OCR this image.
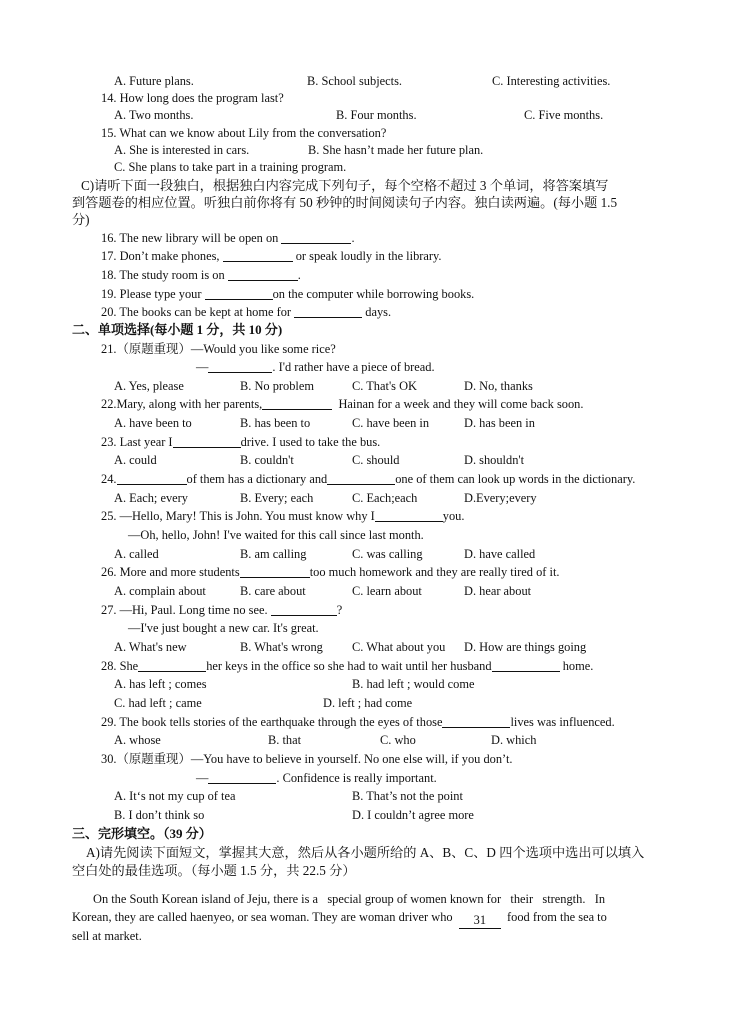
A. Future plans.	B. School subjects.	C. Interesting activities.
14. How long does the program last?
A. Two months.	B. Four months.	C. Five months.
15. What can we know about Lily from the conversation?
A. She is interested in cars.	B. She hasn’t made her future plan.
C. She plans to take part in a training program.
C)请听下面一段独白，根据独白内容完成下列句子，每个空格不超过 3 个单词，将答案填写
到答题卷的相应位置。听独白前你将有 50 秒钟的时间阅读句子内容。独白读两遍。(每小题 1.5
分)
16. The new library will be open on	.
17. Don’t make phones,	or speak loudly in the library.
18. The study room is on	.
19. Please type your	on the computer while borrowing books.
20. The books can be kept at home for	days.
二、单项选择(每小题 1 分，共 10 分)
21.（原题重现）—Would you like some rice?
—	. I'd rather have a piece of bread.
A. Yes, please	B. No problem	C. That's OK	D. No, thanks
22.Mary, along with her parents,	Hainan for a week and they will come back soon.
A. have been to	B. has been to	C. have been in	D. has been in
23. Last year I	drive. I used to take the bus.
A. could	B. couldn't	C. should	D. shouldn't
24.	of them has a dictionary and	one of them can look up words in the dictionary.
A. Each; every	B. Every; each	C. Each;each	D.Every;every
25. —Hello, Mary! This is John. You must know why I	you.
—Oh, hello, John! I've waited for this call since last month.
A. called	B. am calling	C. was calling	D. have called
26. More and more students	too much homework and they are really tired of it.
A. complain about	B. care about	C. learn about	D. hear about
27. —Hi, Paul. Long time no see.	?
—I've just bought a new car. It's great.
A. What's new	B. What's wrong C. What about you D. How are things going
28. She	her keys in the office so she had to wait until her husband	home.
A. has left ; comes	B. had left ; would come
C. had left ; came	D. left ; had come
29. The book tells stories of the earthquake through the eyes of those	lives was influenced.
A. whose	B. that	C. who	D. which
30.（原题重现）—You have to believe in yourself. No one else will, if you don’t.
—	. Confidence is really important.
A. It‘s not my cup of tea	B. That’s not the point
B. I don’t think so	D. I couldn’t agree more
三、完形填空。（39 分）
A)请先阅读下面短文，掌握其大意，然后从各小题所给的 A、B、C、D 四个选项中选出可以填入
空白处的最佳选项。（每小题 1.5 分，共 22.5 分）
On the South Korean island of Jeju, there is a   special group of women known for   their   strength.   In
Korean, they are called haenyeo, or sea woman. They are woman driver who 31 food from the sea to
sell at market.
